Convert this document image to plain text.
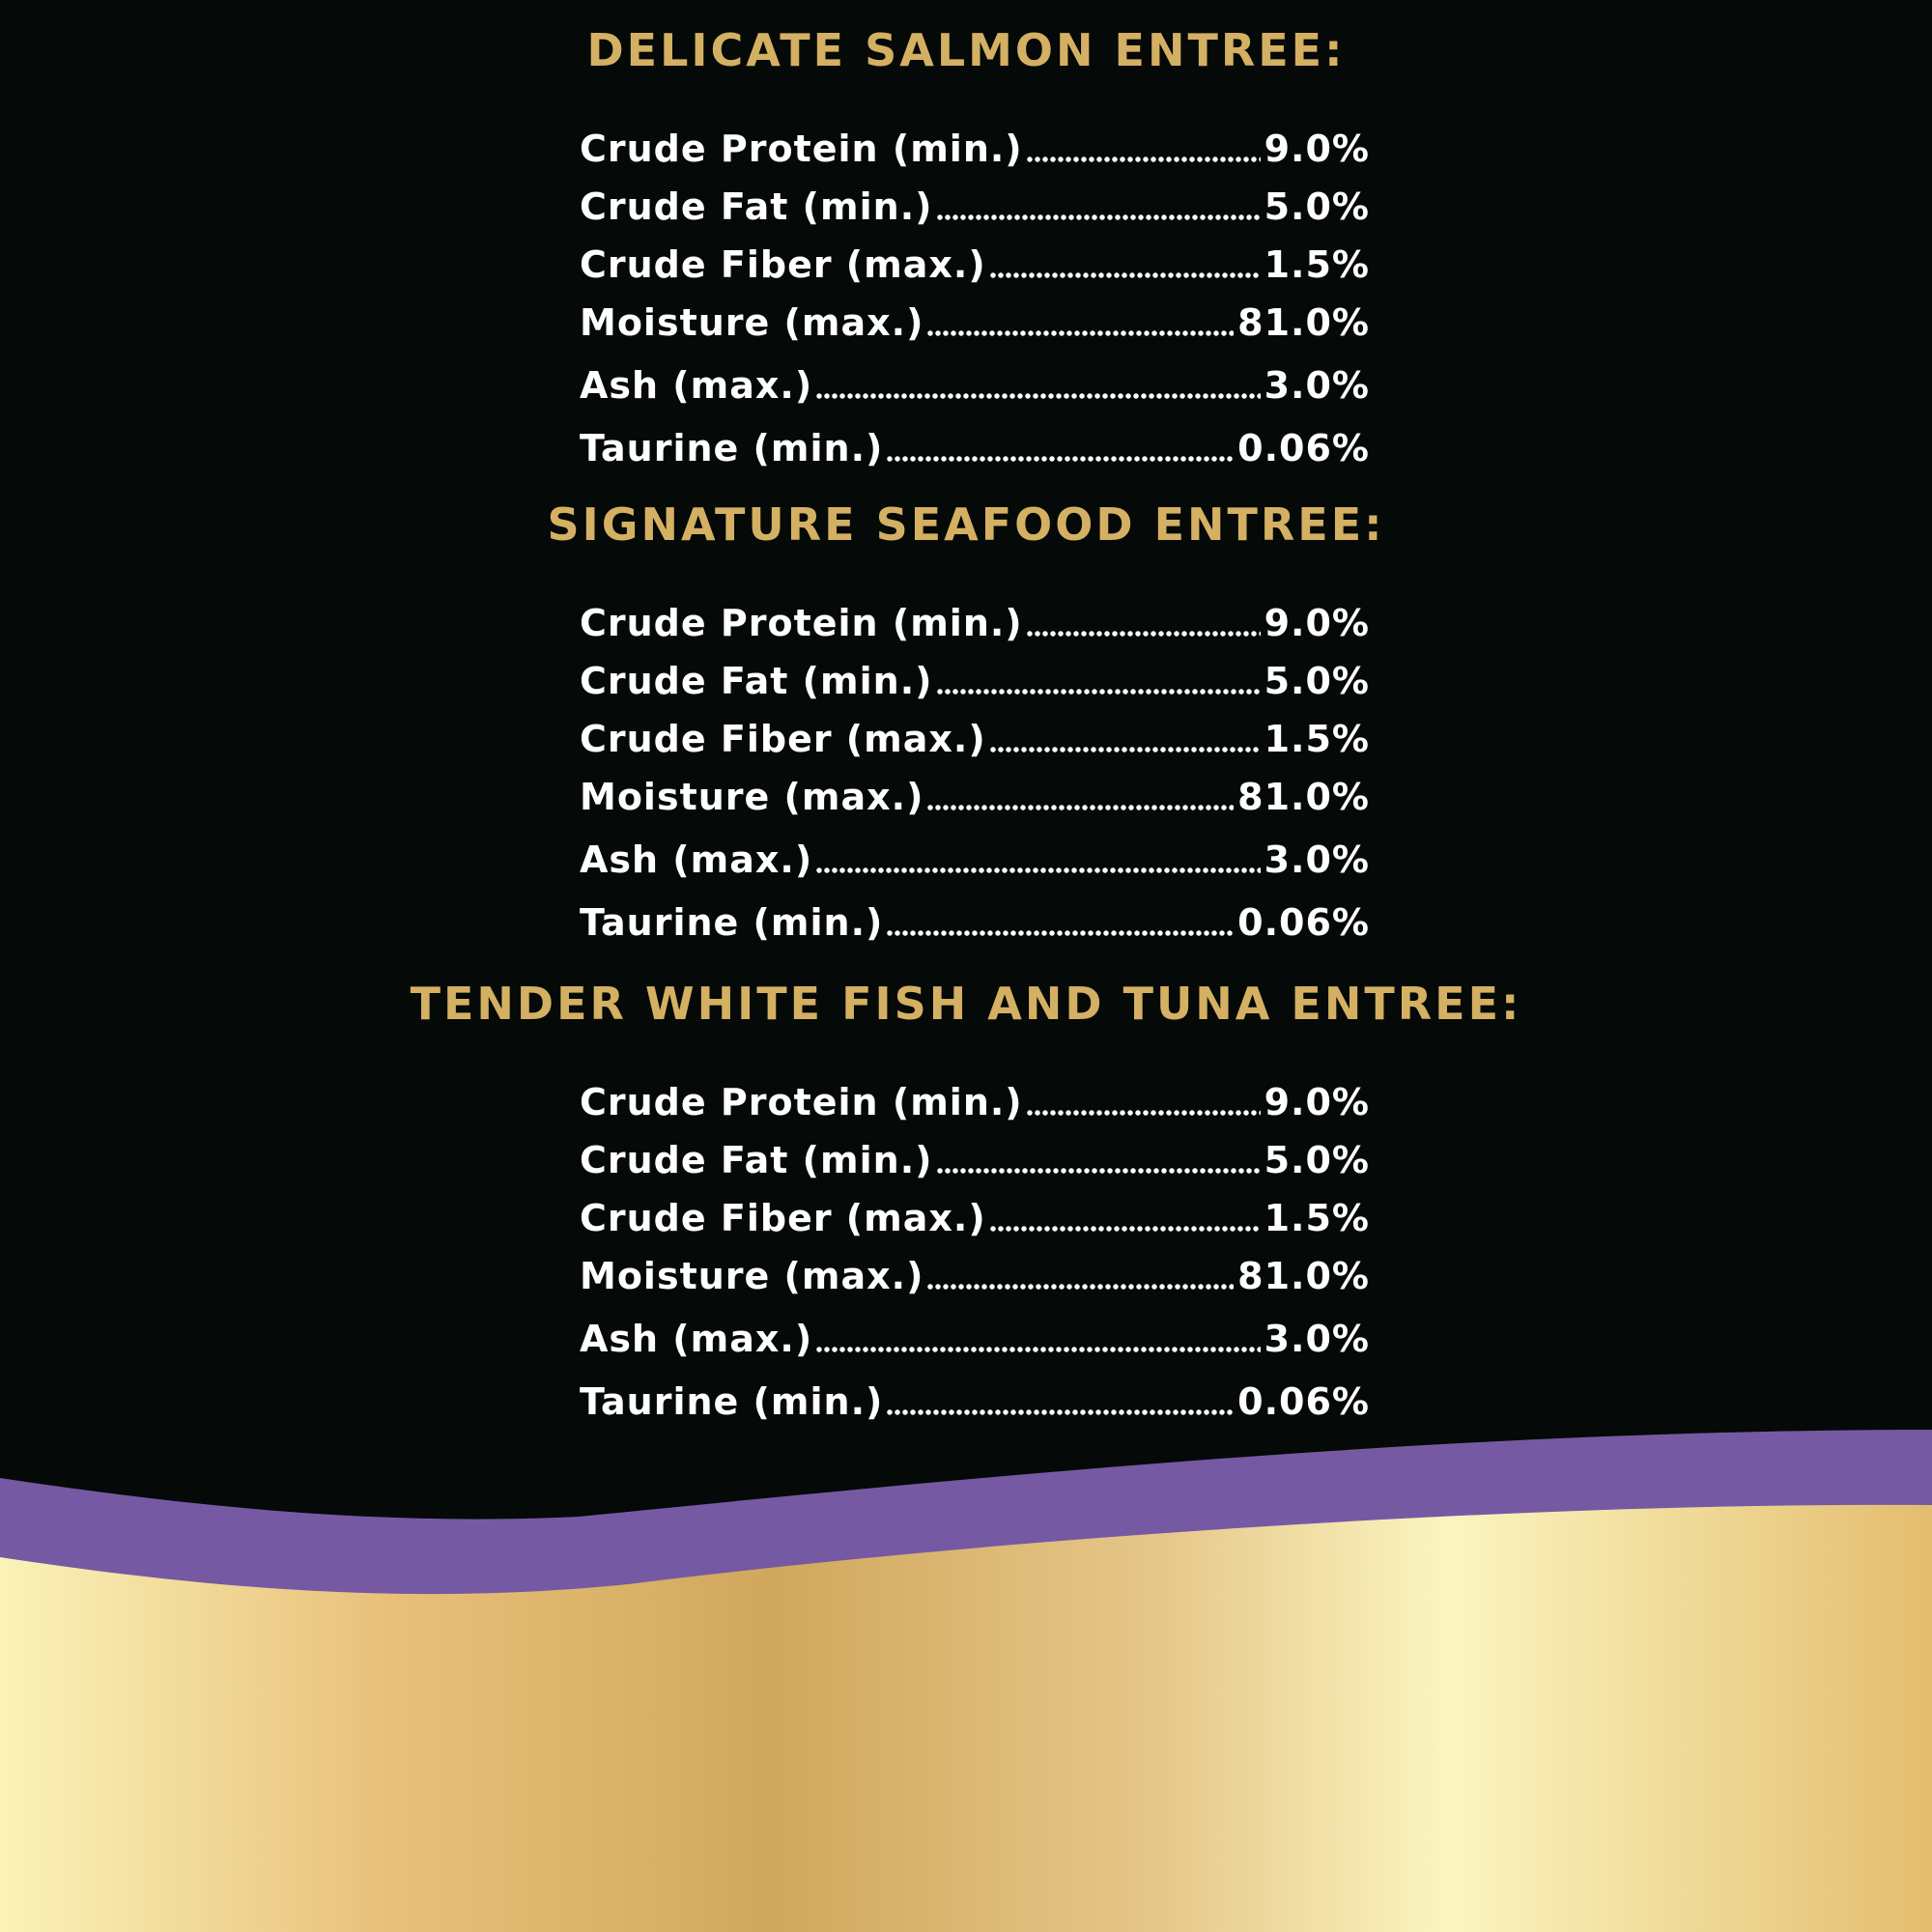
DELICATE SALMON ENTREE:
Crude Protein (min.)	9.0%
Crude Fat (min.)	5.0%
Crude Fiber (max.)	1.5%
Moisture (max.)	81.0%
Ash (max.)	3.0%
Taurine (min.)	0.06%
SIGNATURE SEAFOOD ENTREE:
Crude Protein (min.)	9.0%
Crude Fat (min.)	5.0%
Crude Fiber (max.)	1.5%
Moisture (max.)	81.0%
Ash (max.)	3.0%
Taurine (min.)	0.06%
TENDER WHITE FISH AND TUNA ENTREE:
Crude Protein (min.)	9.0%
Crude Fat (min.)	5.0%
Crude Fiber (max.)	1.5%
Moisture (max.)	81.0%
Ash (max.)	3.0%
Taurine (min.)	0.06%
